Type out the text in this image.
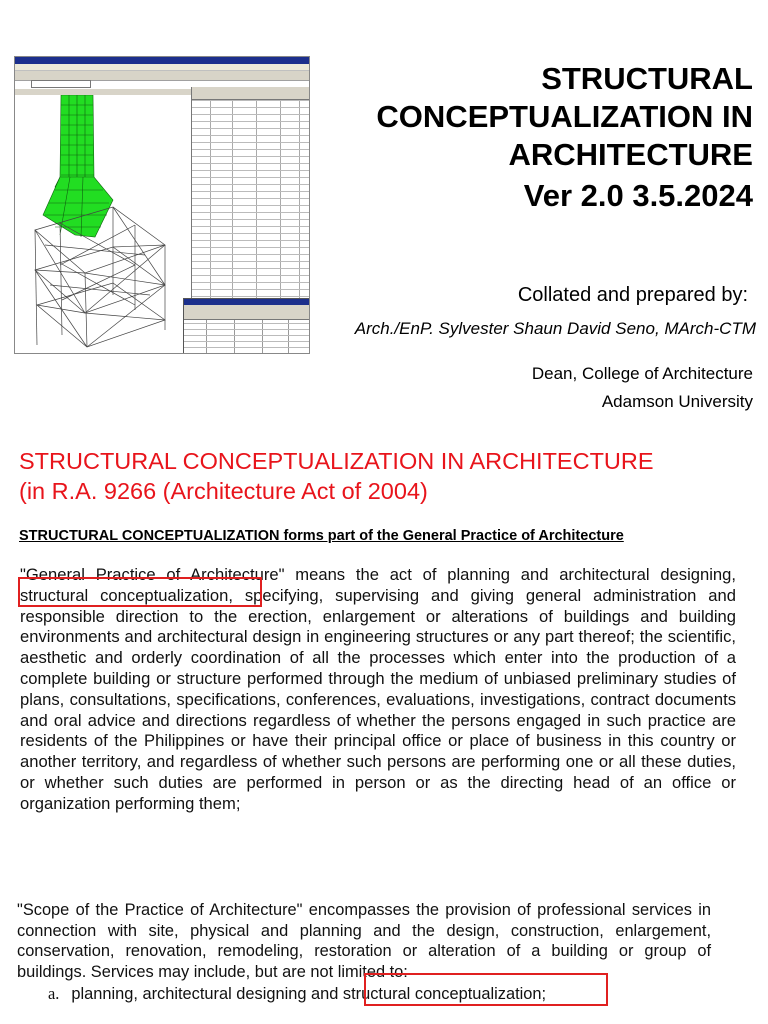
STRUCTURAL
CONCEPTUALIZATION IN
ARCHITECTURE
Ver 2.0 3.5.2024
Collated and prepared by:
Arch./EnP. Sylvester Shaun David Seno, MArch-CTM
Dean, College of Architecture
Adamson University
STRUCTURAL CONCEPTUALIZATION IN ARCHITECTURE
(in R.A. 9266 (Architecture Act of 2004)
STRUCTURAL CONCEPTUALIZATION forms part of the General Practice of Architecture
"General Practice of Architecture" means the act of planning and architectural designing, structural conceptualization, specifying, supervising and giving general administration and responsible direction to the erection, enlargement or alterations of buildings and building environments and architectural design in engineering structures or any part thereof; the scientific, aesthetic and orderly coordination of all the processes which enter into the production of a complete building or structure performed through the medium of unbiased preliminary studies of plans, consultations, specifications, conferences, evaluations, investigations, contract documents and oral advice and directions regardless of whether the persons engaged in such practice are residents of the Philippines or have their principal office or place of business in this country or another territory, and regardless of whether such persons are performing one or all these duties, or whether such duties are performed in person or as the directing head of an office or organization performing them;
"Scope of the Practice of Architecture" encompasses the provision of professional services in connection with site, physical and planning and the design, construction, enlargement, conservation, renovation, remodeling, restoration or alteration of a building or group of buildings. Services may include, but are not limited to:
a. planning, architectural designing and structural conceptualization;
